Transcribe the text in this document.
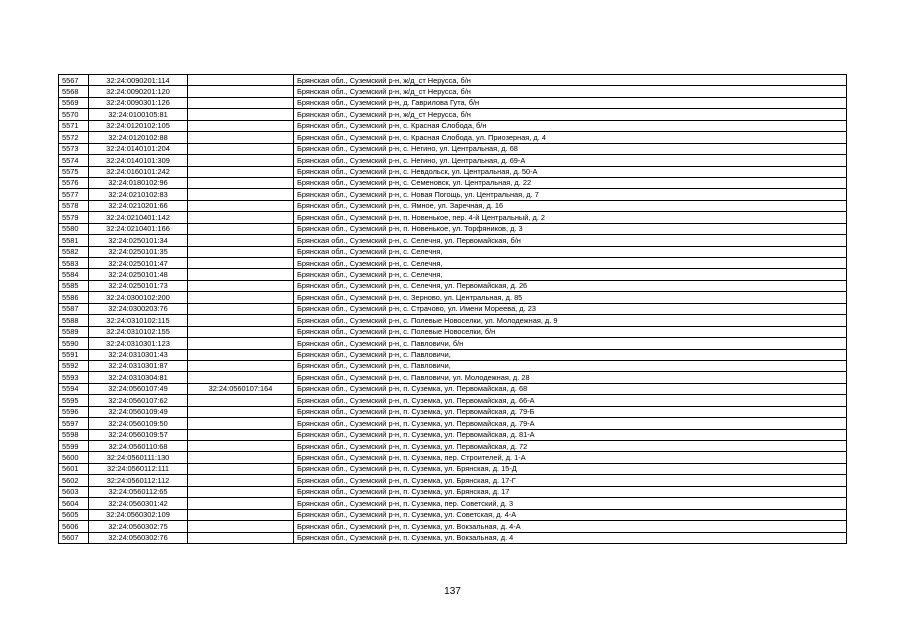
5567	32:24:0090201:114		Брянская обл., Суземский р-н, ж/д_ст Нерусса, б/н
5568	32:24:0090201:120		Брянская обл., Суземский р-н, ж/д_ст Нерусса, б/н
5569	32:24:0090301:126		Брянская обл., Суземский р-н, д. Гаврилова Гута, б/н
5570	32:24:0100105:81		Брянская обл., Суземский р-н, ж/д_ст Нерусса, б/н
5571	32:24:0120102:105		Брянская обл., Суземский р-н, с. Красная Слобода, б/н
5572	32:24:0120102:88		Брянская обл., Суземский р-н, с. Красная Слобода, ул. Приозерная, д. 4
5573	32:24:0140101:204		Брянская обл., Суземский р-н, с. Негино, ул. Центральная, д. 68
5574	32:24:0140101:309		Брянская обл., Суземский р-н, с. Негино, ул. Центральная, д. 69-А
5575	32:24:0160101:242		Брянская обл., Суземский р-н, с. Невдольск, ул. Центральная, д. 50-А
5576	32:24:0180102:96		Брянская обл., Суземский р-н, с. Семеновск, ул. Центральная, д. 22
5577	32:24:0210102:83		Брянская обл., Суземский р-н, с. Новая Погощь, ул. Центральная, д. 7
5578	32:24:0210201:66		Брянская обл., Суземский р-н, с. Ямное, ул. Заречная, д. 16
5579	32:24:0210401:142		Брянская обл., Суземский р-н, п. Новенькое, пер. 4-й Центральный, д. 2
5580	32:24:0210401:166		Брянская обл., Суземский р-н, п. Новенькое, ул. Торфяников, д. 3
5581	32:24:0250101:34		Брянская обл., Суземский р-н, с. Селечня, ул. Первомайская, б/н
5582	32:24:0250101:35		Брянская обл., Суземский р-н, с. Селечня,
5583	32:24:0250101:47		Брянская обл., Суземский р-н, с. Селечня,
5584	32:24:0250101:48		Брянская обл., Суземский р-н, с. Селечня,
5585	32:24:0250101:73		Брянская обл., Суземский р-н, с. Селечня, ул. Первомайская, д. 26
5586	32:24:0300102:200		Брянская обл., Суземский р-н, с. Зерново, ул. Центральная, д. 85
5587	32:24:0300203:76		Брянская обл., Суземский р-н, с. Страчово, ул. Имени Мореева, д. 23
5588	32:24:0310102:115		Брянская обл., Суземский р-н, с. Полевые Новоселки, ул. Молодежная, д. 9
5589	32:24:0310102:155		Брянская обл., Суземский р-н, с. Полевые Новоселки, б/н
5590	32:24:0310301:123		Брянская обл., Суземский р-н, с. Павловичи, б/н
5591	32:24:0310301:43		Брянская обл., Суземский р-н, с. Павловичи,
5592	32:24:0310301:87		Брянская обл., Суземский р-н, с. Павловичи,
5593	32:24:0310304:81		Брянская обл., Суземский р-н, с. Павловичи, ул. Молодежная, д. 28
5594	32:24:0560107:49	32:24:0560107:164	Брянская обл., Суземский р-н, п. Суземка, ул. Первомайская, д. 68
5595	32:24:0560107:62		Брянская обл., Суземский р-н, п. Суземка, ул. Первомайская, д. 66-А
5596	32:24:0560109:49		Брянская обл., Суземский р-н, п. Суземка, ул. Первомайская, д. 79-Б
5597	32:24:0560109:50		Брянская обл., Суземский р-н, п. Суземка, ул. Первомайская, д. 79-А
5598	32:24:0560109:57		Брянская обл., Суземский р-н, п. Суземка, ул. Первомайская, д. 81-А
5599	32:24:0560110:68		Брянская обл., Суземский р-н, п. Суземка, ул. Первомайская, д. 72
5600	32:24:0560111:130		Брянская обл., Суземский р-н, п. Суземка, пер. Строителей, д. 1-А
5601	32:24:0560112:111		Брянская обл., Суземский р-н, п. Суземка, ул. Брянская, д. 15-Д
5602	32:24:0560112:112		Брянская обл., Суземский р-н, п. Суземка, ул. Брянская, д. 17-Г
5603	32:24:0560112:65		Брянская обл., Суземский р-н, п. Суземка, ул. Брянская, д. 17
5604	32:24:0560301:42		Брянская обл., Суземский р-н, п. Суземка, пер. Советский, д. 3
5605	32:24:0560302:109		Брянская обл., Суземский р-н, п. Суземка, ул. Советская, д. 4-А
5606	32:24:0560302:75		Брянская обл., Суземский р-н, п. Суземка, ул. Вокзальная, д. 4-А
5607	32:24:0560302:76		Брянская обл., Суземский р-н, п. Суземка, ул. Вокзальная, д. 4
137
